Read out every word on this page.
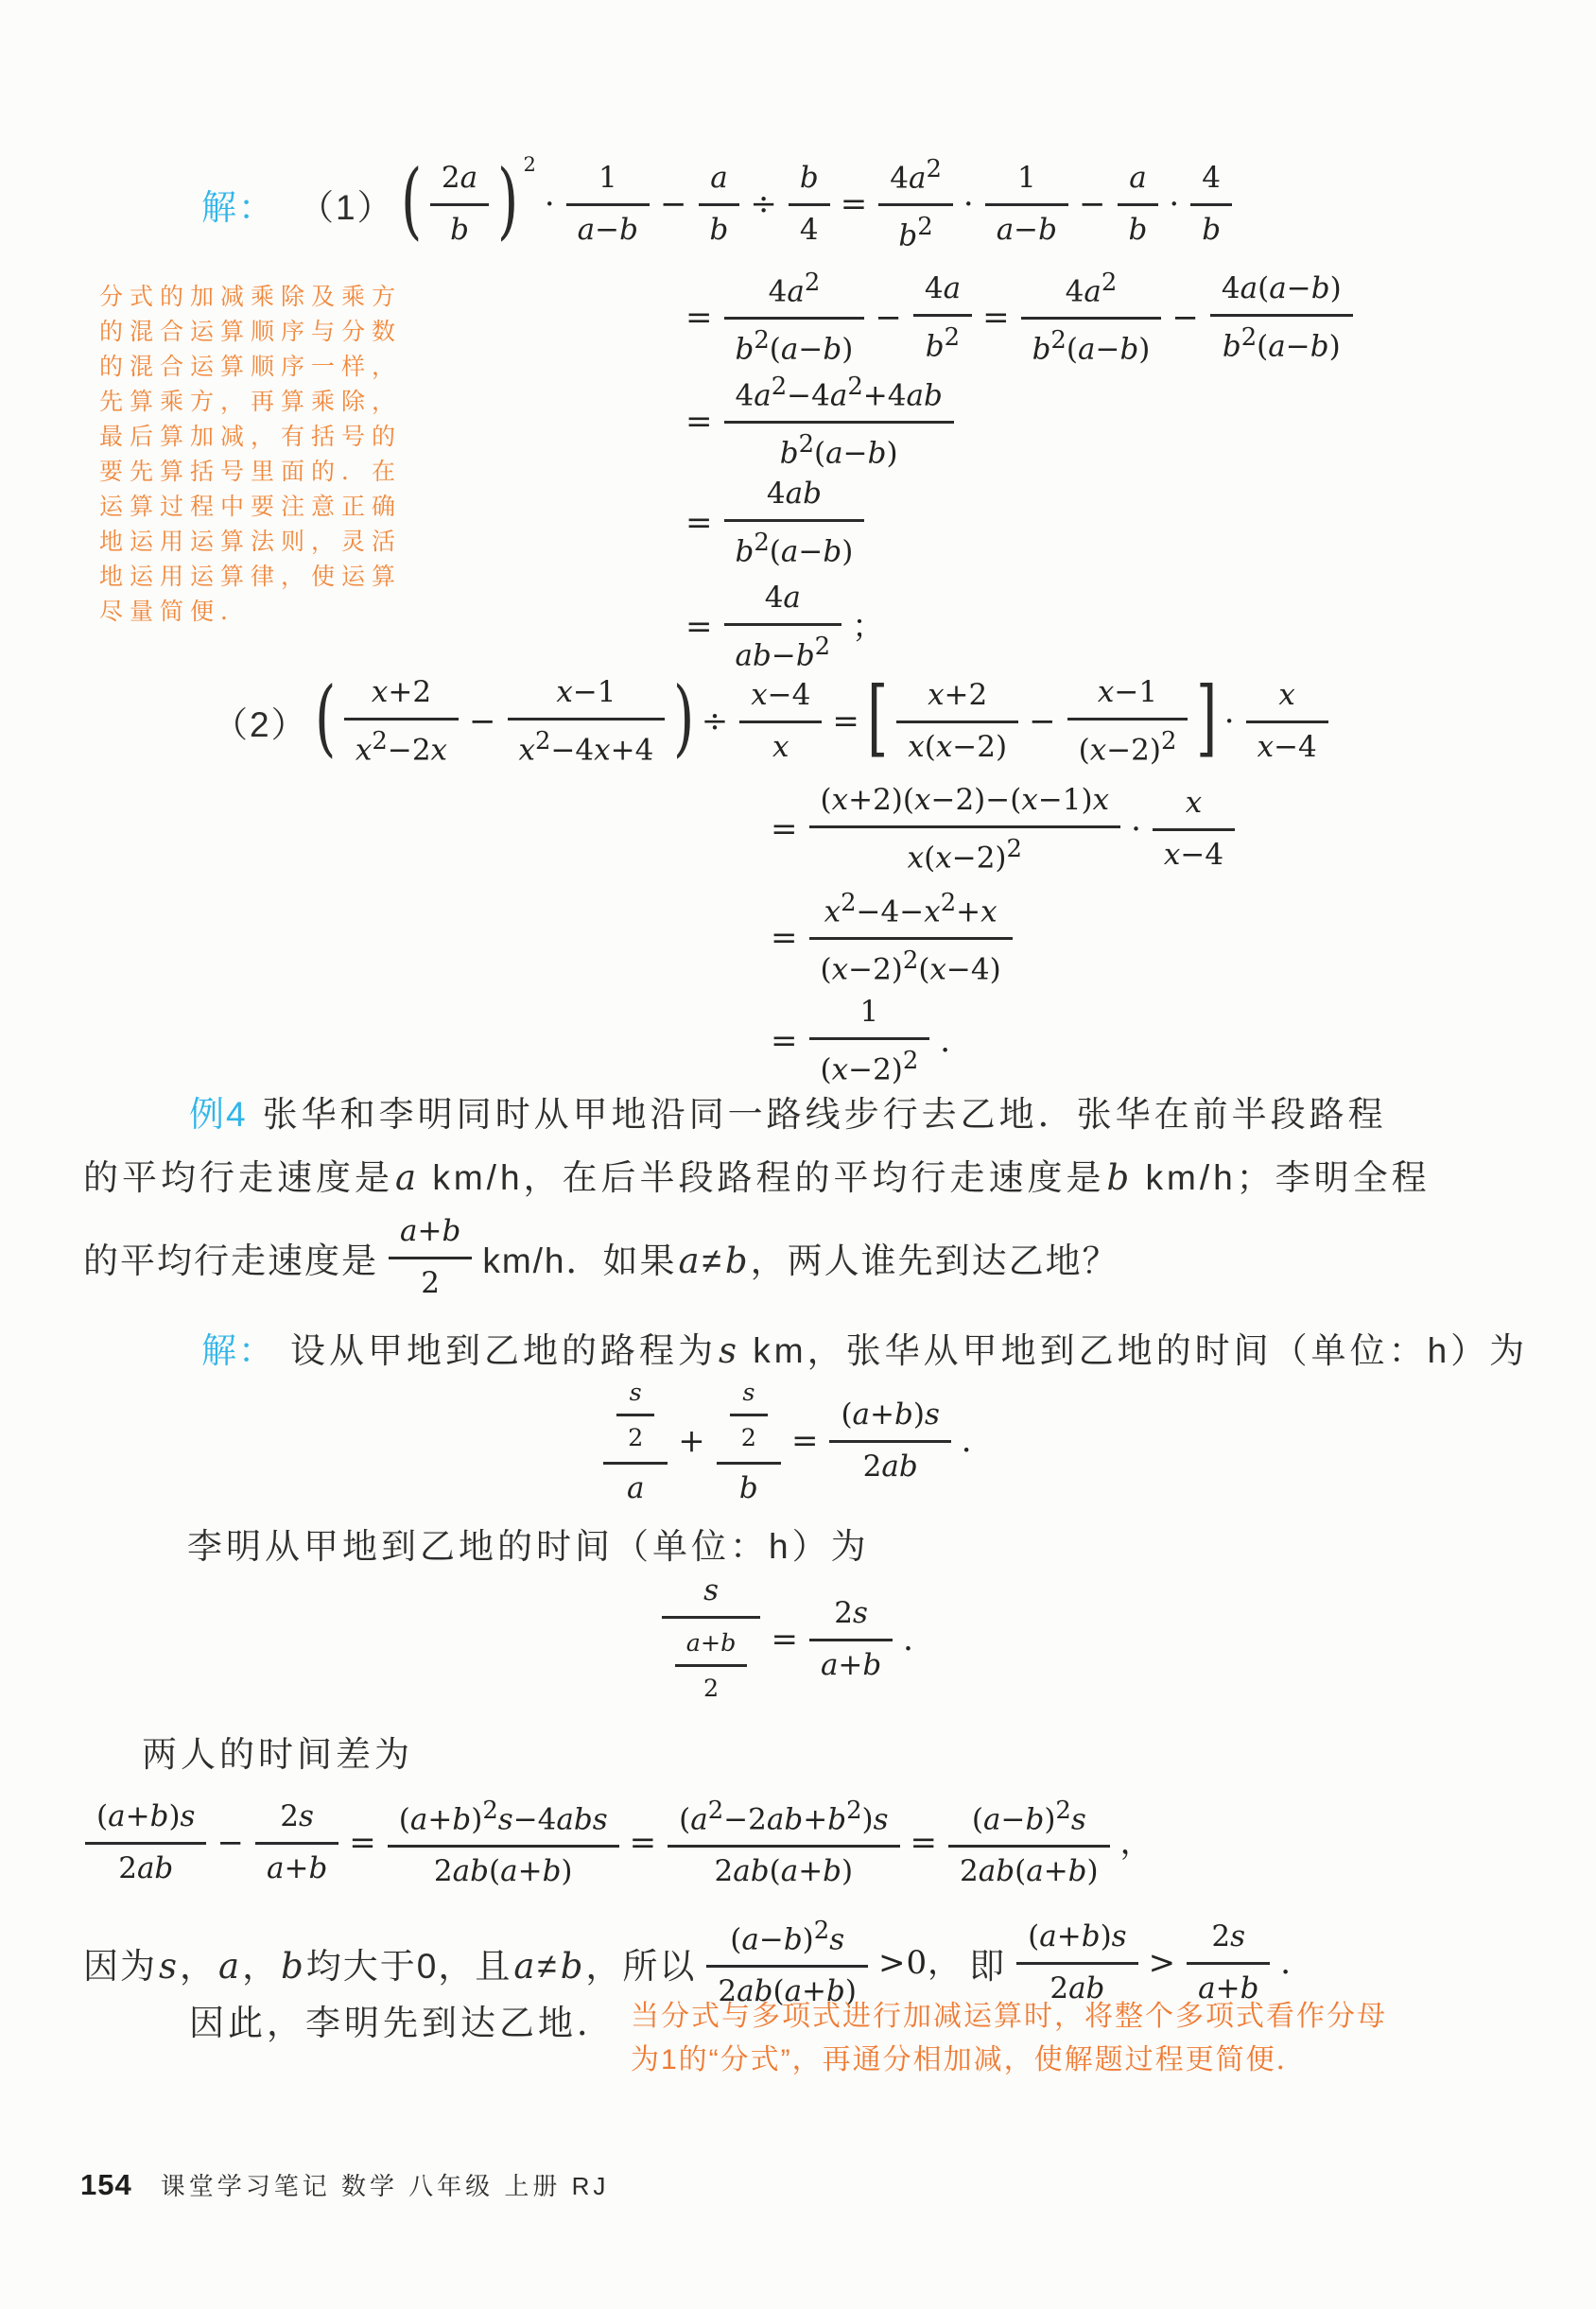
解： （1） ( $\frac{2a}{b}$ ) 2
· $\frac{1}{a-b} - \frac{a}{b} \div \frac{b}{4} = \frac{4a^2}{b^2} \cdot \frac{1}{a-b} - \frac{a}{b} \cdot \frac{4}{b}$
= $\frac{4a^2}{b^2(a-b)} - \frac{4a}{b^2} = \frac{4a^2}{b^2(a-b)} - \frac{4a(a-b)}{b^2(a-b)}$
= $\frac{4a^2-4a^2+4ab}{b^2(a-b)}$
= $\frac{4ab}{b^2(a-b)}$
= $\frac{4a}{ab-b^2}$ ；
分式的加减乘除及乘方
的混合运算顺序与分数
的混合运算顺序一样，
先算乘方，再算乘除，
最后算加减，有括号的
要先算括号里面的．在
运算过程中要注意正确
地运用运算法则，灵活
地运用运算律，使运算
尽量简便．
（2） ( $\frac{x+2}{x^2-2x} - \frac{x-1}{x^2-4x+4}$ ) ÷ $\frac{x-4}{x}$ = [ $\frac{x+2}{x(x-2)} - \frac{x-1}{(x-2)^2}$ ] · $\frac{x}{x-4}$
= $\frac{(x+2)(x-2)-(x-1)x}{x(x-2)^2} \cdot \frac{x}{x-4}$
= $\frac{x^2-4-x^2+x}{(x-2)^2(x-4)}$
= $\frac{1}{(x-2)^2}$ ．
例4 张华和李明同时从甲地沿同一路线步行去乙地．张华在前半段路程
的平均行走速度是a km/h，在后半段路程的平均行走速度是b km/h；李明全程
的平均行走速度是 $\frac{a+b}{2} km/h$．如果a≠b，两人谁先到达乙地？
解： 设从甲地到乙地的路程为s km，张华从甲地到乙地的时间（单位：h）为
$\frac{\frac{s}{2}}{a} + \frac{\frac{s}{2}}{b} = \frac{(a+b)s}{2ab}$ ．
李明从甲地到乙地的时间（单位：h）为
$\frac{s}{\frac{a+b}{2}} = \frac{2s}{a+b}$ ．
两人的时间差为
$\frac{(a+b)s}{2ab} - \frac{2s}{a+b} = \frac{(a+b)^2s-4abs}{2ab(a+b)} = \frac{(a^2-2ab+b^2)s}{2ab(a+b)} = \frac{(a-b)^2s}{2ab(a+b)}$ ，
因为s，a，b均大于0，且a≠b，所以 $\frac{(a-b)^2s}{2ab(a+b)} >0$， 即 $\frac{(a+b)s}{2ab} > \frac{2s}{a+b}$ ．
因此，李明先到达乙地． 当分式与多项式进行加减运算时，将整个多项式看作分母
为1的“分式”，再通分相加减，使解题过程更简便．
154 课堂学习笔记 数学 八年级 上册 RJ
